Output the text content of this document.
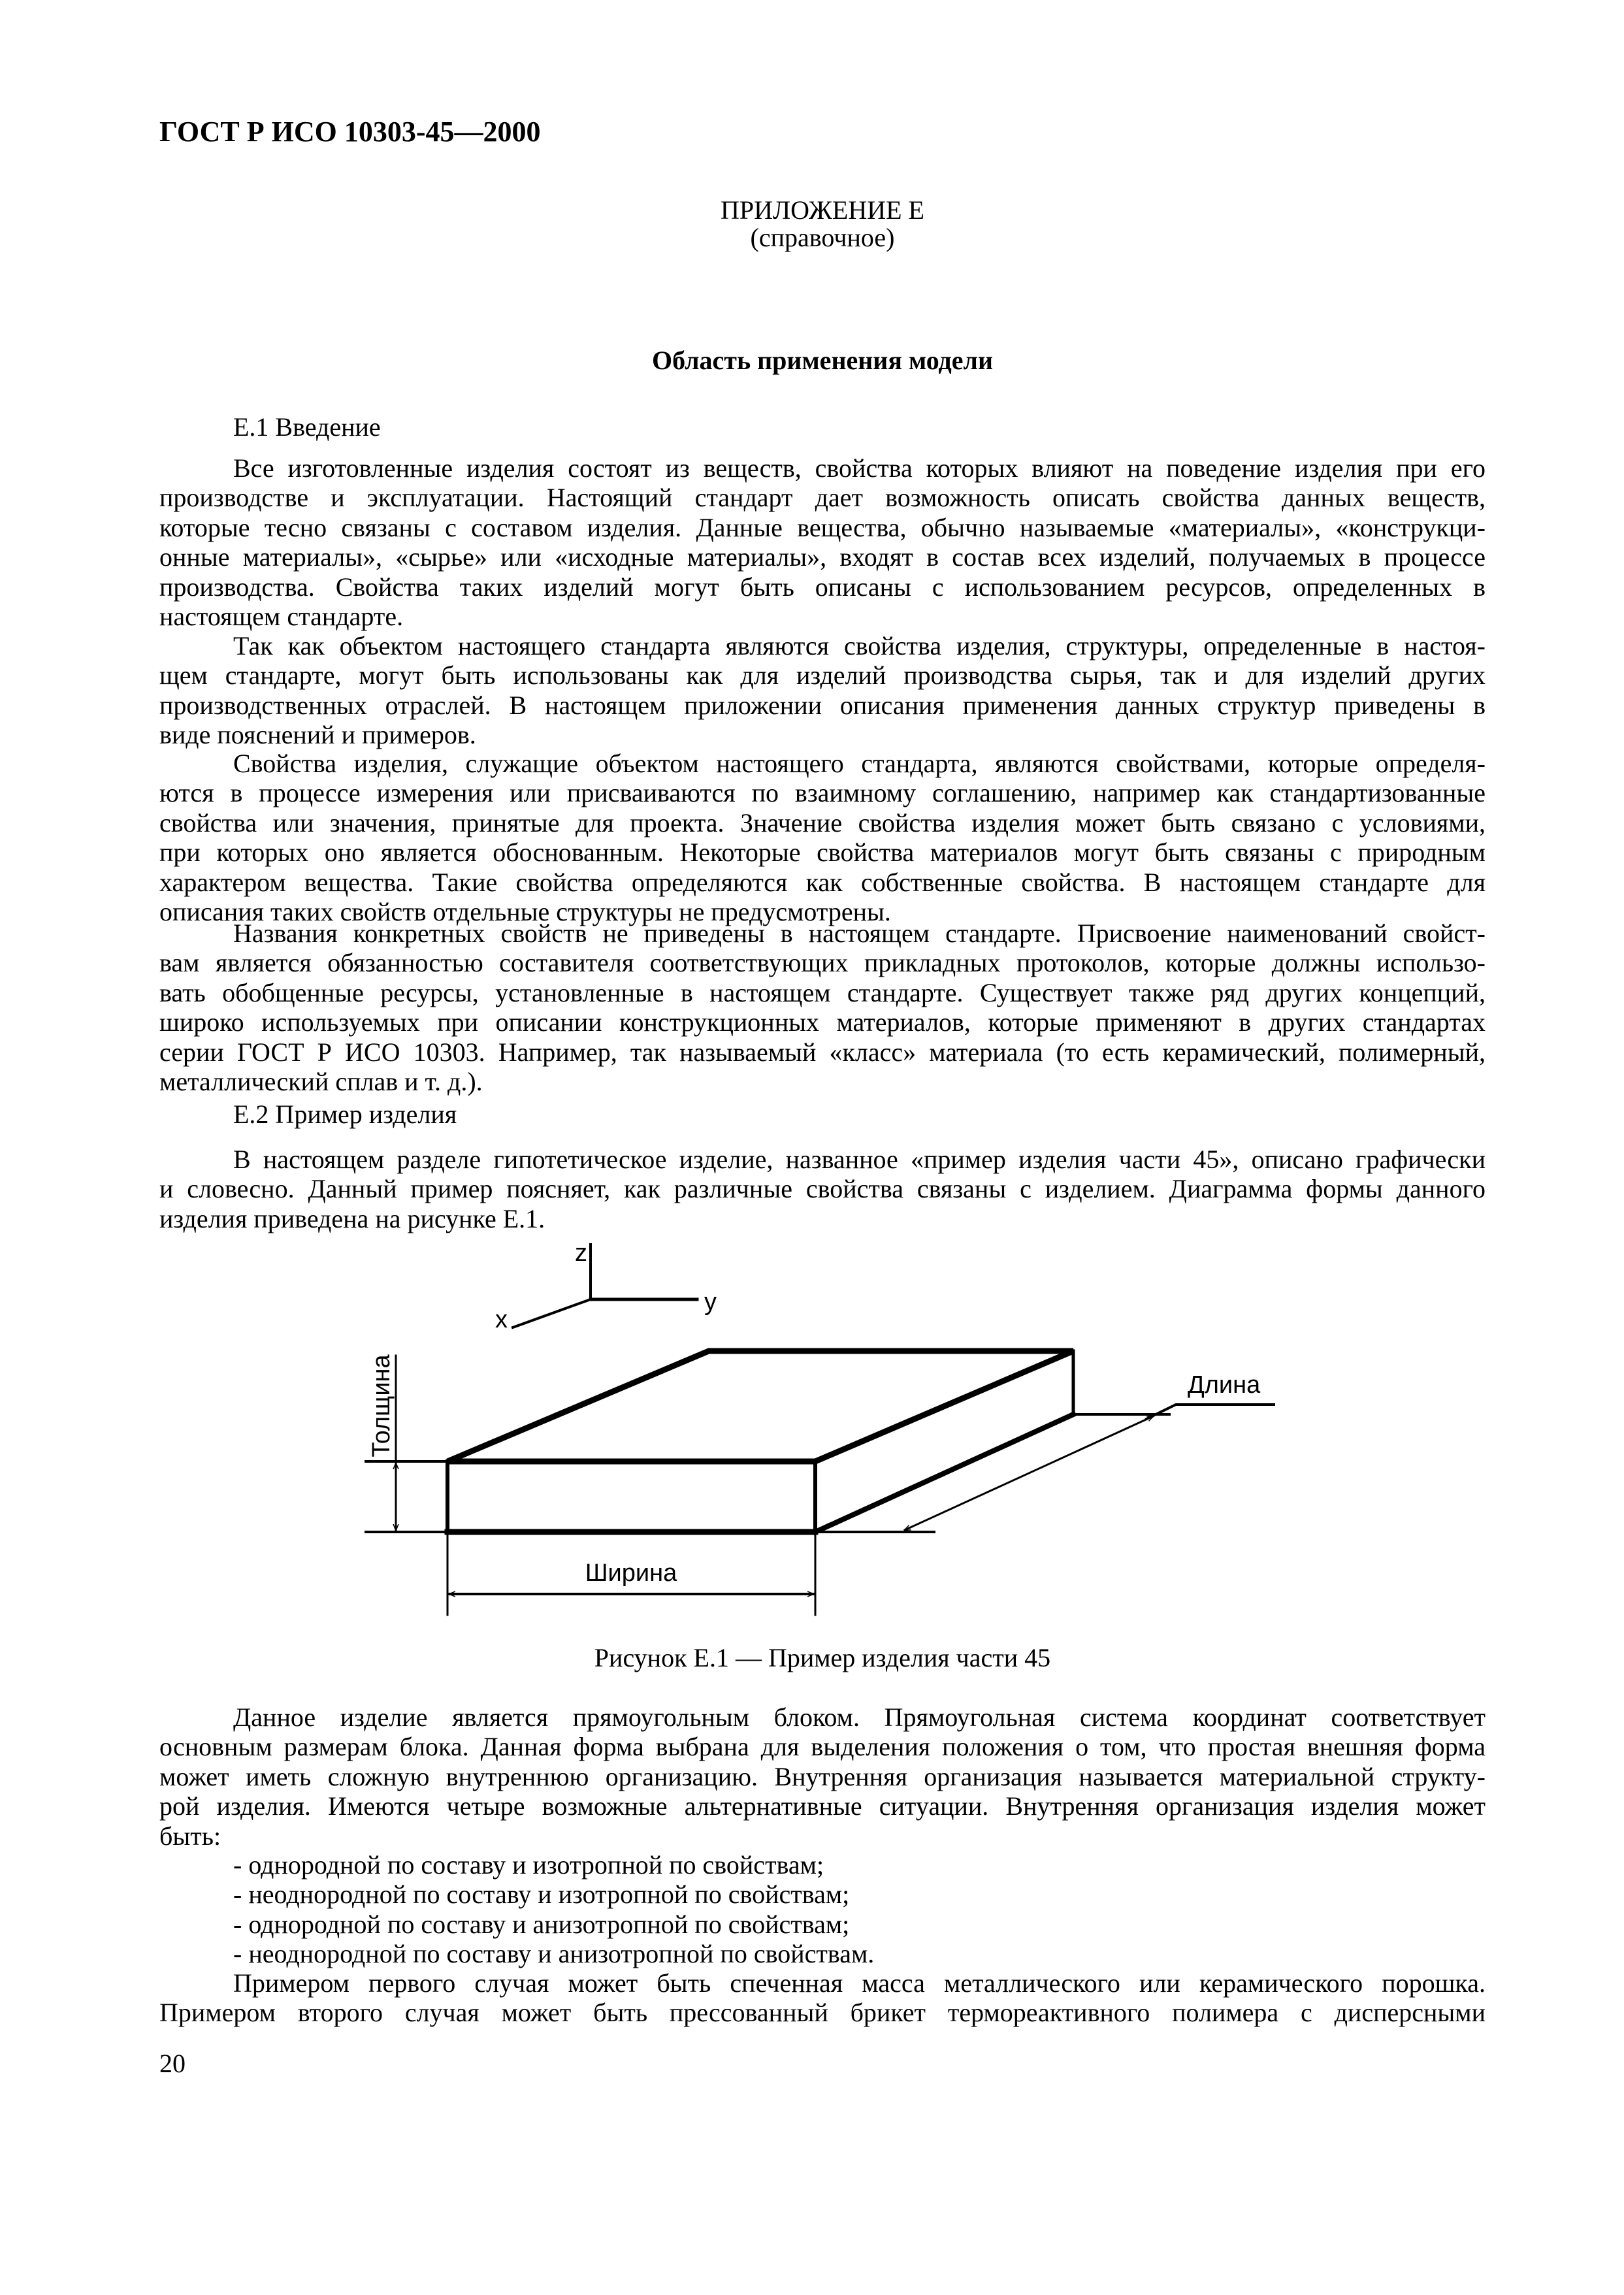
ГОСТ Р ИСО 10303-45—2000
ПРИЛОЖЕНИЕ Е
(справочное)
Область применения модели
Е.1 Введение
Все изготовленные изделия состоят из веществ, свойства которых влияют на поведение изделия при его
производстве и эксплуатации. Настоящий стандарт дает возможность описать свойства данных веществ,
которые тесно связаны с составом изделия. Данные вещества, обычно называемые «материалы», «конструкци-
онные материалы», «сырье» или «исходные материалы», входят в состав всех изделий, получаемых в процессе
производства. Свойства таких изделий могут быть описаны с использованием ресурсов, определенных в
настоящем стандарте.
Так как объектом настоящего стандарта являются свойства изделия, структуры, определенные в настоя-
щем стандарте, могут быть использованы как для изделий производства сырья, так и для изделий других
производственных отраслей. В настоящем приложении описания применения данных структур приведены в
виде пояснений и примеров.
Свойства изделия, служащие объектом настоящего стандарта, являются свойствами, которые определя-
ются в процессе измерения или присваиваются по взаимному соглашению, например как стандартизованные
свойства или значения, принятые для проекта. Значение свойства изделия может быть связано с условиями,
при которых оно является обоснованным. Некоторые свойства материалов могут быть связаны с природным
характером вещества. Такие свойства определяются как собственные свойства. В настоящем стандарте для
описания таких свойств отдельные структуры не предусмотрены.
Названия конкретных свойств не приведены в настоящем стандарте. Присвоение наименований свойст-
вам является обязанностью составителя соответствующих прикладных протоколов, которые должны использо-
вать обобщенные ресурсы, установленные в настоящем стандарте. Существует также ряд других концепций,
широко используемых при описании конструкционных материалов, которые применяют в других стандартах
серии ГОСТ Р ИСО 10303. Например, так называемый «класс» материала (то есть керамический, полимерный,
металлический сплав и т. д.).
Е.2 Пример изделия
В настоящем разделе гипотетическое изделие, названное «пример изделия части 45», описано графически
и словесно. Данный пример поясняет, как различные свойства связаны с изделием. Диаграмма формы данного
изделия приведена на рисунке Е.1.
z
y
x
Толщина	Длина
Ширина
Рисунок Е.1 — Пример изделия части 45
Данное изделие является прямоугольным блоком. Прямоугольная система координат соответствует
основным размерам блока. Данная форма выбрана для выделения положения о том, что простая внешняя форма
может иметь сложную внутреннюю организацию. Внутренняя организация называется материальной структу-
рой изделия. Имеются четыре возможные альтернативные ситуации. Внутренняя организация изделия может
быть:
- однородной по составу и изотропной по свойствам;
- неоднородной по составу и изотропной по свойствам;
- однородной по составу и анизотропной по свойствам;
- неоднородной по составу и анизотропной по свойствам.
Примером первого случая может быть спеченная масса металлического или керамического порошка.
Примером второго случая может быть прессованный брикет термореактивного полимера с дисперсными
20
